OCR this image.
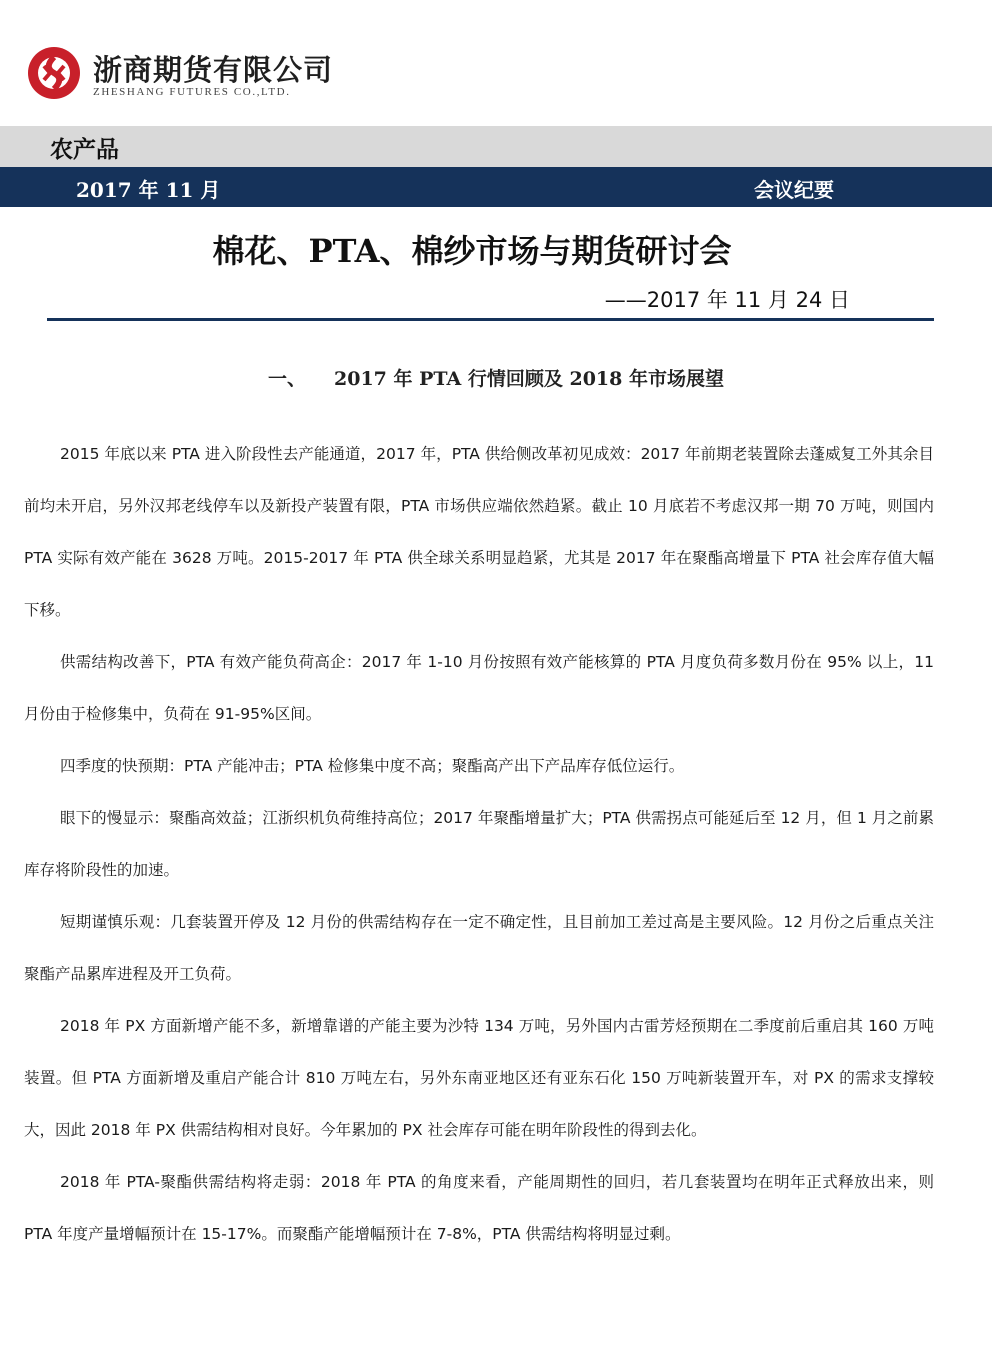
浙商期货有限公司
ZHESHANG FUTURES CO.,LTD.
农产品
2017 年 11 月	会议纪要
棉花、PTA、棉纱市场与期货研讨会
——2017 年 11 月 24 日
一、 2017 年 PTA 行情回顾及 2018 年市场展望

2015 年底以来 PTA 进入阶段性去产能通道，2017 年，PTA 供给侧改革初见成效：2017 年前期老装置除去蓬威复工外其余目前均未开启，另外汉邦老线停车以及新投产装置有限，PTA 市场供应端依然趋紧。截止 10 月底若不考虑汉邦一期 70 万吨，则国内 PTA 实际有效产能在 3628 万吨。2015-2017 年 PTA 供全球关系明显趋紧，尤其是 2017 年在聚酯高增量下 PTA 社会库存值大幅下移。

供需结构改善下，PTA 有效产能负荷高企：2017 年 1-10 月份按照有效产能核算的 PTA 月度负荷多数月份在 95% 以上，11 月份由于检修集中，负荷在 91-95%区间。

四季度的快预期：PTA 产能冲击；PTA 检修集中度不高；聚酯高产出下产品库存低位运行。

眼下的慢显示：聚酯高效益；江浙织机负荷维持高位；2017 年聚酯增量扩大；PTA 供需拐点可能延后至 12 月，但 1 月之前累库存将阶段性的加速。

短期谨慎乐观：几套装置开停及 12 月份的供需结构存在一定不确定性，且目前加工差过高是主要风险。12 月份之后重点关注聚酯产品累库进程及开工负荷。

2018 年 PX 方面新增产能不多，新增靠谱的产能主要为沙特 134 万吨，另外国内古雷芳烃预期在二季度前后重启其 160 万吨装置。但 PTA 方面新增及重启产能合计 810 万吨左右，另外东南亚地区还有亚东石化 150 万吨新装置开车，对 PX 的需求支撑较大，因此 2018 年 PX 供需结构相对良好。今年累加的 PX 社会库存可能在明年阶段性的得到去化。

2018 年 PTA-聚酯供需结构将走弱：2018 年 PTA 的角度来看，产能周期性的回归，若几套装置均在明年正式释放出来，则 PTA 年度产量增幅预计在 15-17%。而聚酯产能增幅预计在 7-8%，PTA 供需结构将明显过剩。
